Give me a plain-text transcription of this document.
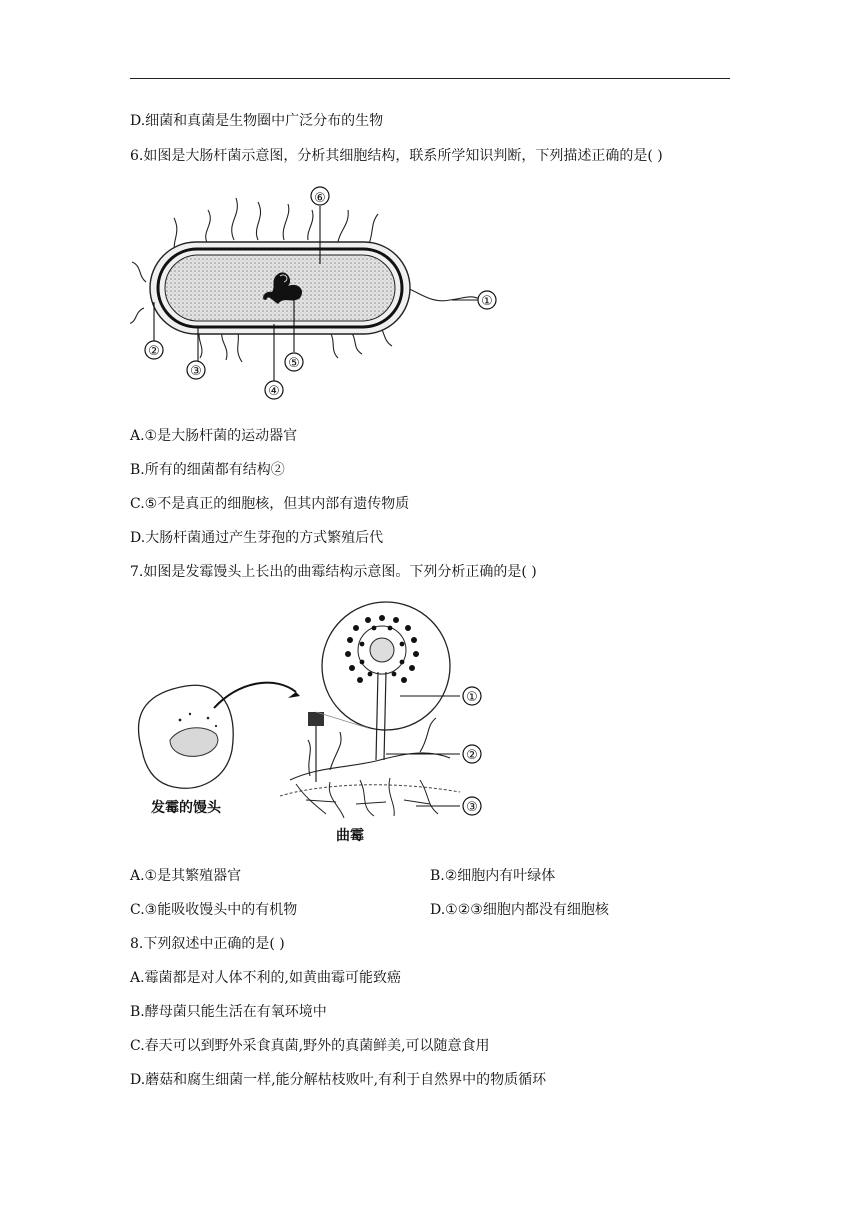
D.细菌和真菌是生物圈中广泛分布的生物
6.如图是大肠杆菌示意图，分析其细胞结构，联系所学知识判断，下列描述正确的是( )
⑥
①
②
③
④
⑤
A.①是大肠杆菌的运动器官
B.所有的细菌都有结构②
C.⑤不是真正的细胞核，但其内部有遗传物质
D.大肠杆菌通过产生芽孢的方式繁殖后代
7.如图是发霉馒头上长出的曲霉结构示意图。下列分析正确的是( )
发霉的馒头
曲霉
①
②
③
A.①是其繁殖器官	B.②细胞内有叶绿体
C.③能吸收馒头中的有机物	D.①②③细胞内都没有细胞核
8.下列叙述中正确的是( )
A.霉菌都是对人体不利的,如黄曲霉可能致癌
B.酵母菌只能生活在有氧环境中
C.春天可以到野外采食真菌,野外的真菌鲜美,可以随意食用
D.蘑菇和腐生细菌一样,能分解枯枝败叶,有利于自然界中的物质循环
